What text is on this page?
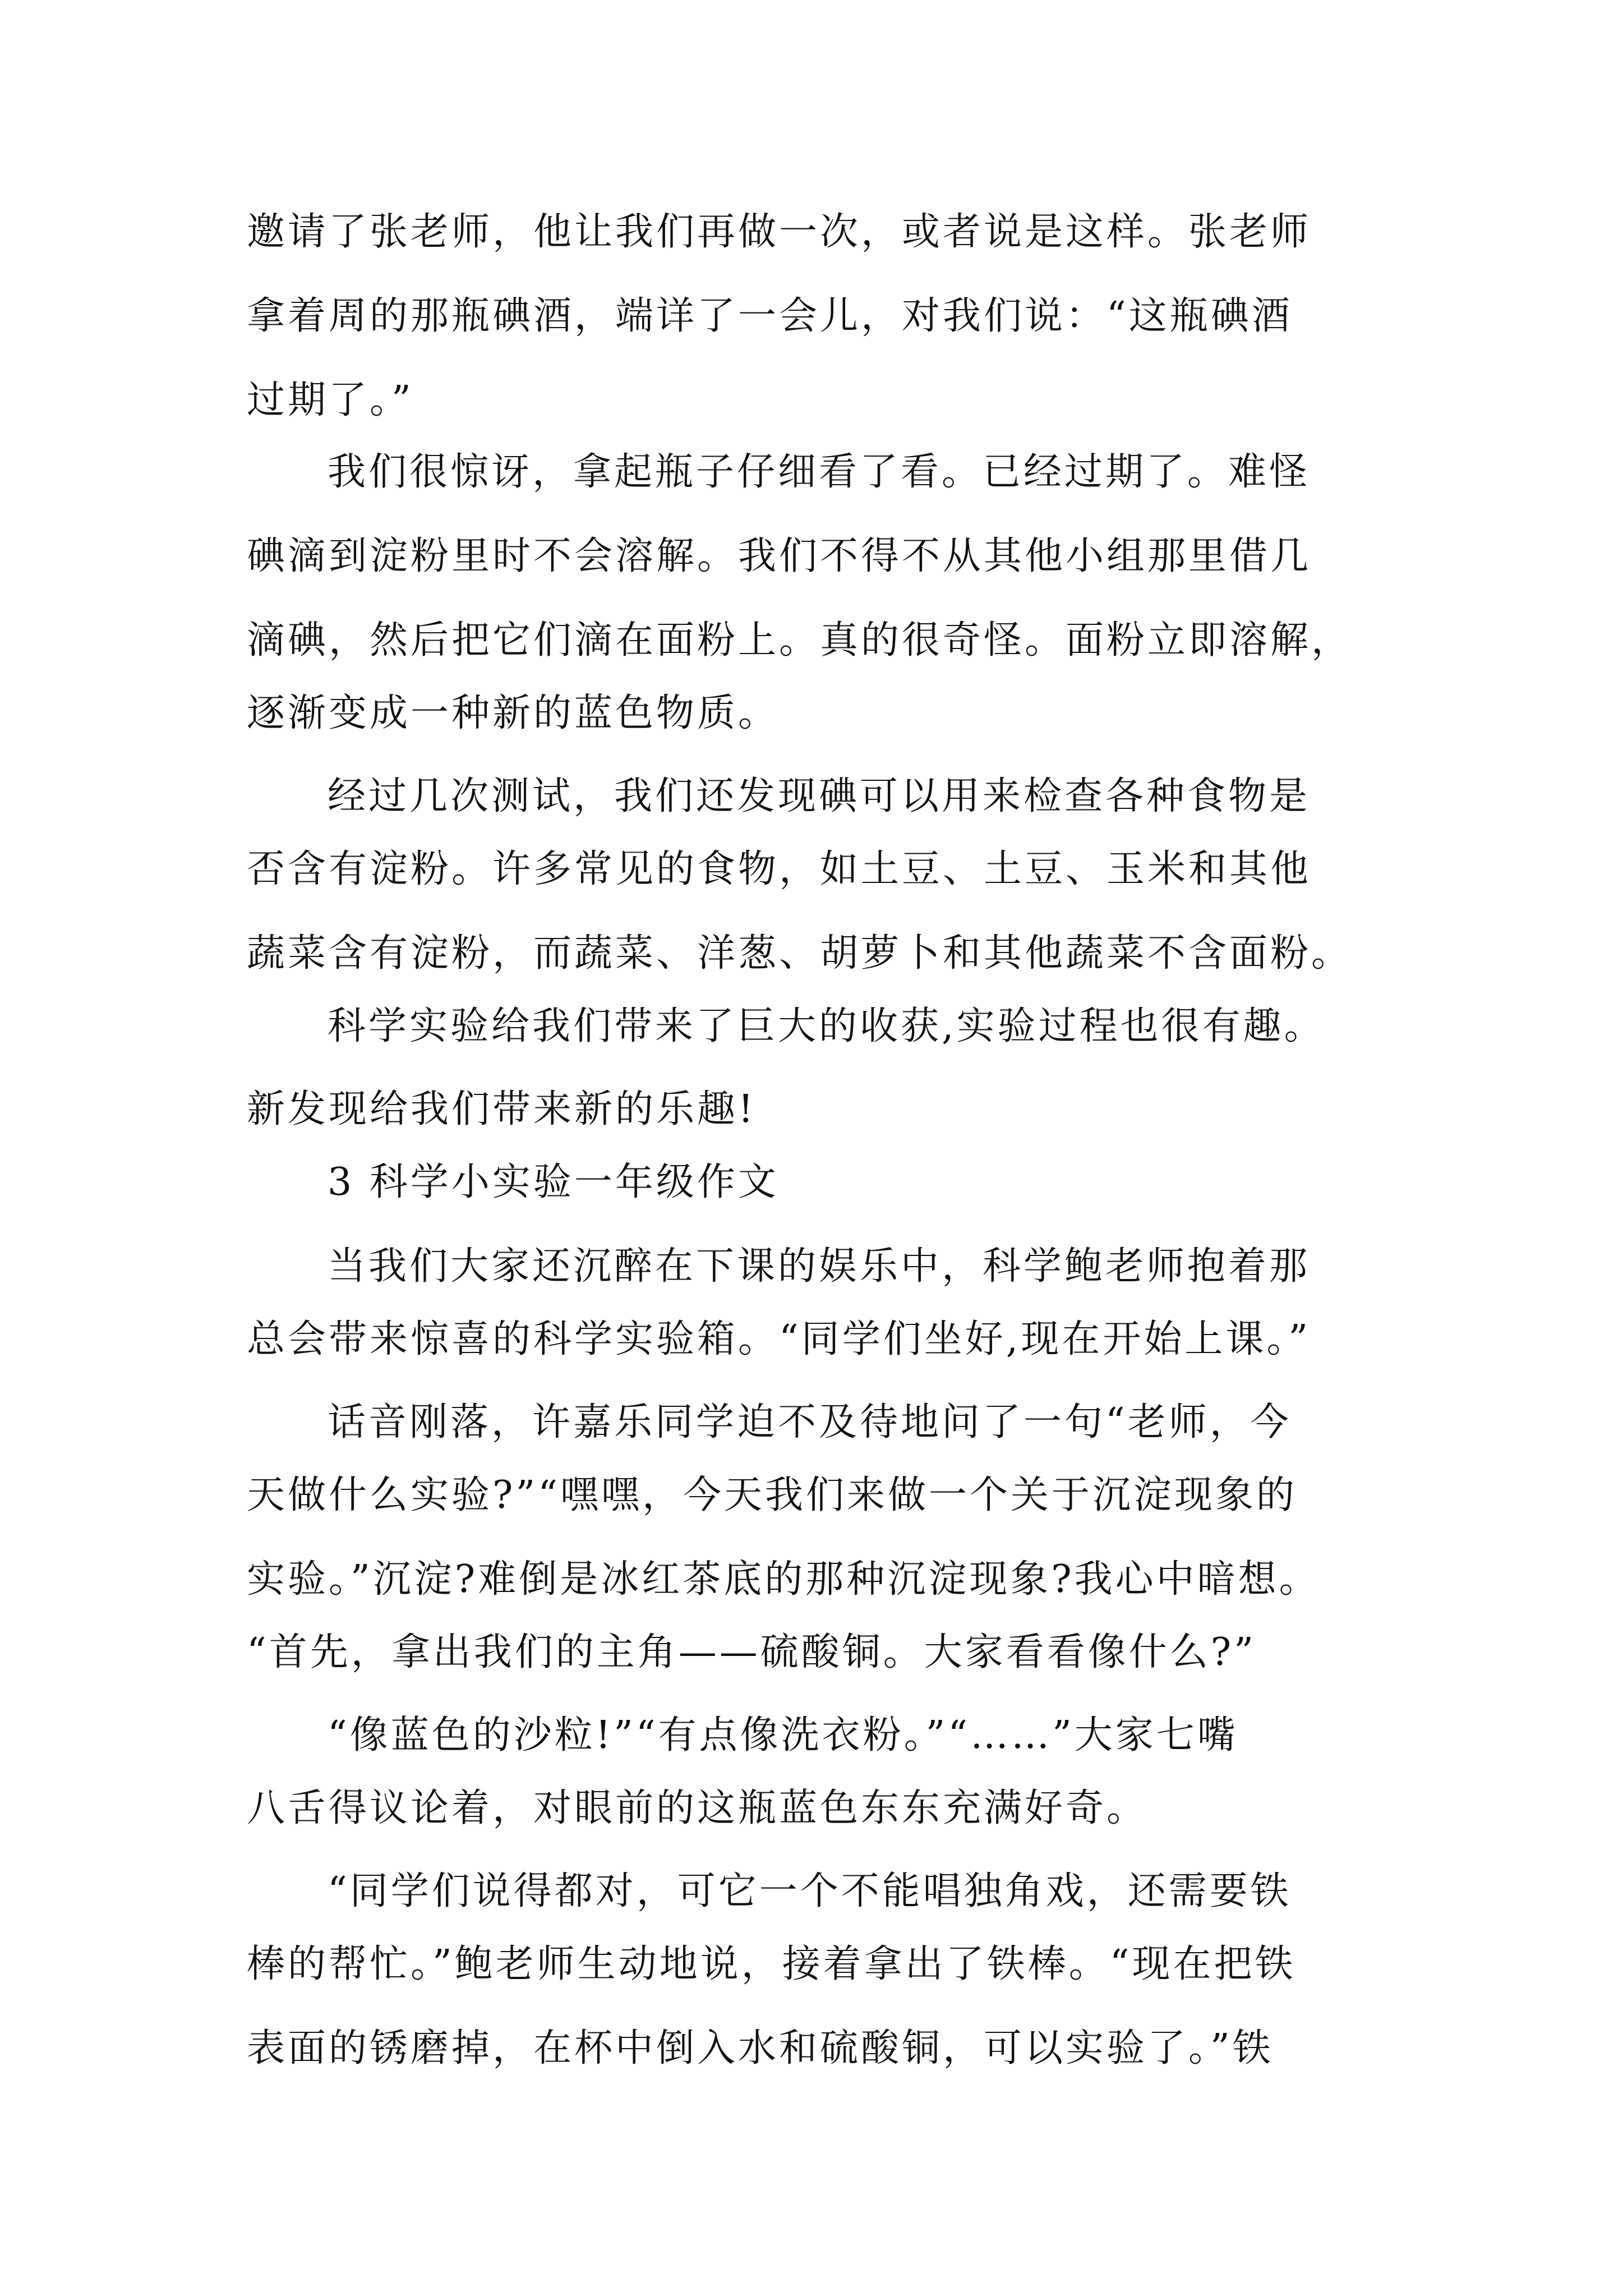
邀请了张老师，他让我们再做一次，或者说是这样。张老师
拿着周的那瓶碘酒，端详了一会儿，对我们说：“这瓶碘酒
过期了。”
我们很惊讶，拿起瓶子仔细看了看。已经过期了。难怪
碘滴到淀粉里时不会溶解。我们不得不从其他小组那里借几
滴碘，然后把它们滴在面粉上。真的很奇怪。面粉立即溶解，
逐渐变成一种新的蓝色物质。
经过几次测试，我们还发现碘可以用来检查各种食物是
否含有淀粉。许多常见的食物，如土豆、土豆、玉米和其他
蔬菜含有淀粉，而蔬菜、洋葱、胡萝卜和其他蔬菜不含面粉。
科学实验给我们带来了巨大的收获,实验过程也很有趣。
新发现给我们带来新的乐趣!
3 科学小实验一年级作文
当我们大家还沉醉在下课的娱乐中，科学鲍老师抱着那
总会带来惊喜的科学实验箱。“同学们坐好,现在开始上课。”
话音刚落，许嘉乐同学迫不及待地问了一句“老师，今
天做什么实验?”“嘿嘿，今天我们来做一个关于沉淀现象的
实验。”沉淀?难倒是冰红茶底的那种沉淀现象?我心中暗想。
“首先，拿出我们的主角——硫酸铜。大家看看像什么?”
“像蓝色的沙粒!”“有点像洗衣粉。”“……”大家七嘴
八舌得议论着，对眼前的这瓶蓝色东东充满好奇。
“同学们说得都对，可它一个不能唱独角戏，还需要铁
棒的帮忙。”鲍老师生动地说，接着拿出了铁棒。“现在把铁
表面的锈磨掉，在杯中倒入水和硫酸铜，可以实验了。”铁
